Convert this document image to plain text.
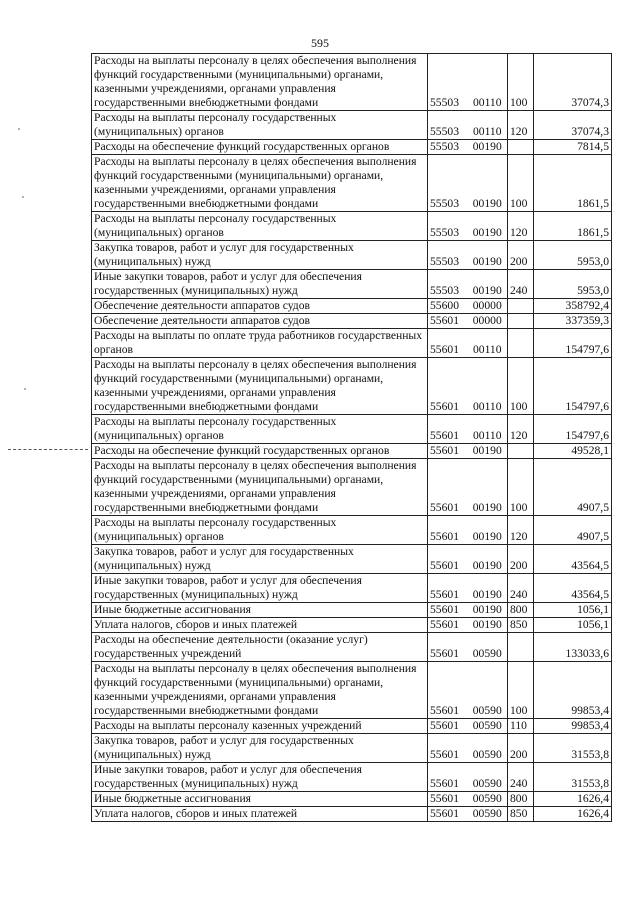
595
Расходы на выплаты персоналу в целях обеспечения выполнения функций государственными (муниципальными) органами, казенными учреждениями, органами управления государственными внебюджетными фондами	55503	00110	100	37074,3
Расходы на выплаты персоналу государственных (муниципальных) органов	55503	00110	120	37074,3
Расходы на обеспечение функций государственных органов	55503	00190		7814,5
Расходы на выплаты персоналу в целях обеспечения выполнения функций государственными (муниципальными) органами, казенными учреждениями, органами управления государственными внебюджетными фондами	55503	00190	100	1861,5
Расходы на выплаты персоналу государственных (муниципальных) органов	55503	00190	120	1861,5
Закупка товаров, работ и услуг для государственных (муниципальных) нужд	55503	00190	200	5953,0
Иные закупки товаров, работ и услуг для обеспечения государственных (муниципальных) нужд	55503	00190	240	5953,0
Обеспечение деятельности аппаратов судов	55600	00000		358792,4
Обеспечение деятельности аппаратов судов	55601	00000		337359,3
Расходы на выплаты по оплате труда работников государственных органов	55601	00110		154797,6
Расходы на выплаты персоналу в целях обеспечения выполнения функций государственными (муниципальными) органами, казенными учреждениями, органами управления государственными внебюджетными фондами	55601	00110	100	154797,6
Расходы на выплаты персоналу государственных (муниципальных) органов	55601	00110	120	154797,6
Расходы на обеспечение функций государственных органов	55601	00190		49528,1
Расходы на выплаты персоналу в целях обеспечения выполнения функций государственными (муниципальными) органами, казенными учреждениями, органами управления государственными внебюджетными фондами	55601	00190	100	4907,5
Расходы на выплаты персоналу государственных (муниципальных) органов	55601	00190	120	4907,5
Закупка товаров, работ и услуг для государственных (муниципальных) нужд	55601	00190	200	43564,5
Иные закупки товаров, работ и услуг для обеспечения государственных (муниципальных) нужд	55601	00190	240	43564,5
Иные бюджетные ассигнования	55601	00190	800	1056,1
Уплата налогов, сборов и иных платежей	55601	00190	850	1056,1
Расходы на обеспечение деятельности (оказание услуг) государственных учреждений	55601	00590		133033,6
Расходы на выплаты персоналу в целях обеспечения выполнения функций государственными (муниципальными) органами, казенными учреждениями, органами управления государственными внебюджетными фондами	55601	00590	100	99853,4
Расходы на выплаты персоналу казенных учреждений	55601	00590	110	99853,4
Закупка товаров, работ и услуг для государственных (муниципальных) нужд	55601	00590	200	31553,8
Иные закупки товаров, работ и услуг для обеспечения государственных (муниципальных) нужд	55601	00590	240	31553,8
Иные бюджетные ассигнования	55601	00590	800	1626,4
Уплата налогов, сборов и иных платежей	55601	00590	850	1626,4
